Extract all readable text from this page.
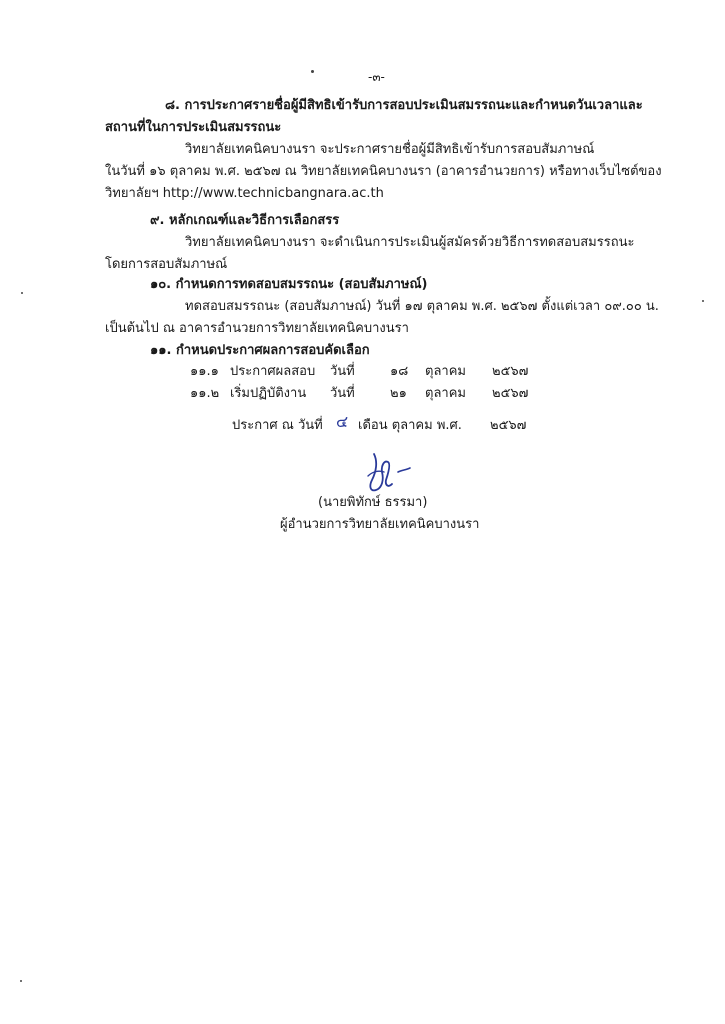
-๓-
๘. การประกาศรายชื่อผู้มีสิทธิเข้ารับการสอบประเมินสมรรถนะและกำหนดวันเวลาและ
สถานที่ในการประเมินสมรรถนะ
วิทยาลัยเทคนิคบางนรา จะประกาศรายชื่อผู้มีสิทธิเข้ารับการสอบสัมภาษณ์
ในวันที่ ๑๖ ตุลาคม พ.ศ. ๒๕๖๗ ณ วิทยาลัยเทคนิคบางนรา (อาคารอำนวยการ) หรือทางเว็บไซต์ของ
วิทยาลัยฯ http://www.technicbangnara.ac.th
๙. หลักเกณฑ์และวิธีการเลือกสรร
วิทยาลัยเทคนิคบางนรา จะดำเนินการประเมินผู้สมัครด้วยวิธีการทดสอบสมรรถนะ
โดยการสอบสัมภาษณ์
๑๐. กำหนดการทดสอบสมรรถนะ (สอบสัมภาษณ์)
ทดสอบสมรรถนะ (สอบสัมภาษณ์) วันที่ ๑๗ ตุลาคม พ.ศ. ๒๕๖๗ ตั้งแต่เวลา ๐๙.๐๐ น.
เป็นต้นไป ณ อาคารอำนวยการวิทยาลัยเทคนิคบางนรา
๑๑. กำหนดประกาศผลการสอบคัดเลือก
๑๑.๑ ประกาศผลสอบ วันที่	๑๘ ตุลาคม ๒๕๖๗
๑๑.๒ เริ่มปฏิบัติงาน วันที่	๒๑ ตุลาคม ๒๕๖๗
ประกาศ ณ วันที่ ๔ เดือน ตุลาคม พ.ศ. ๒๕๖๗
(นายพิทักษ์ ธรรมา)
ผู้อำนวยการวิทยาลัยเทคนิคบางนรา
